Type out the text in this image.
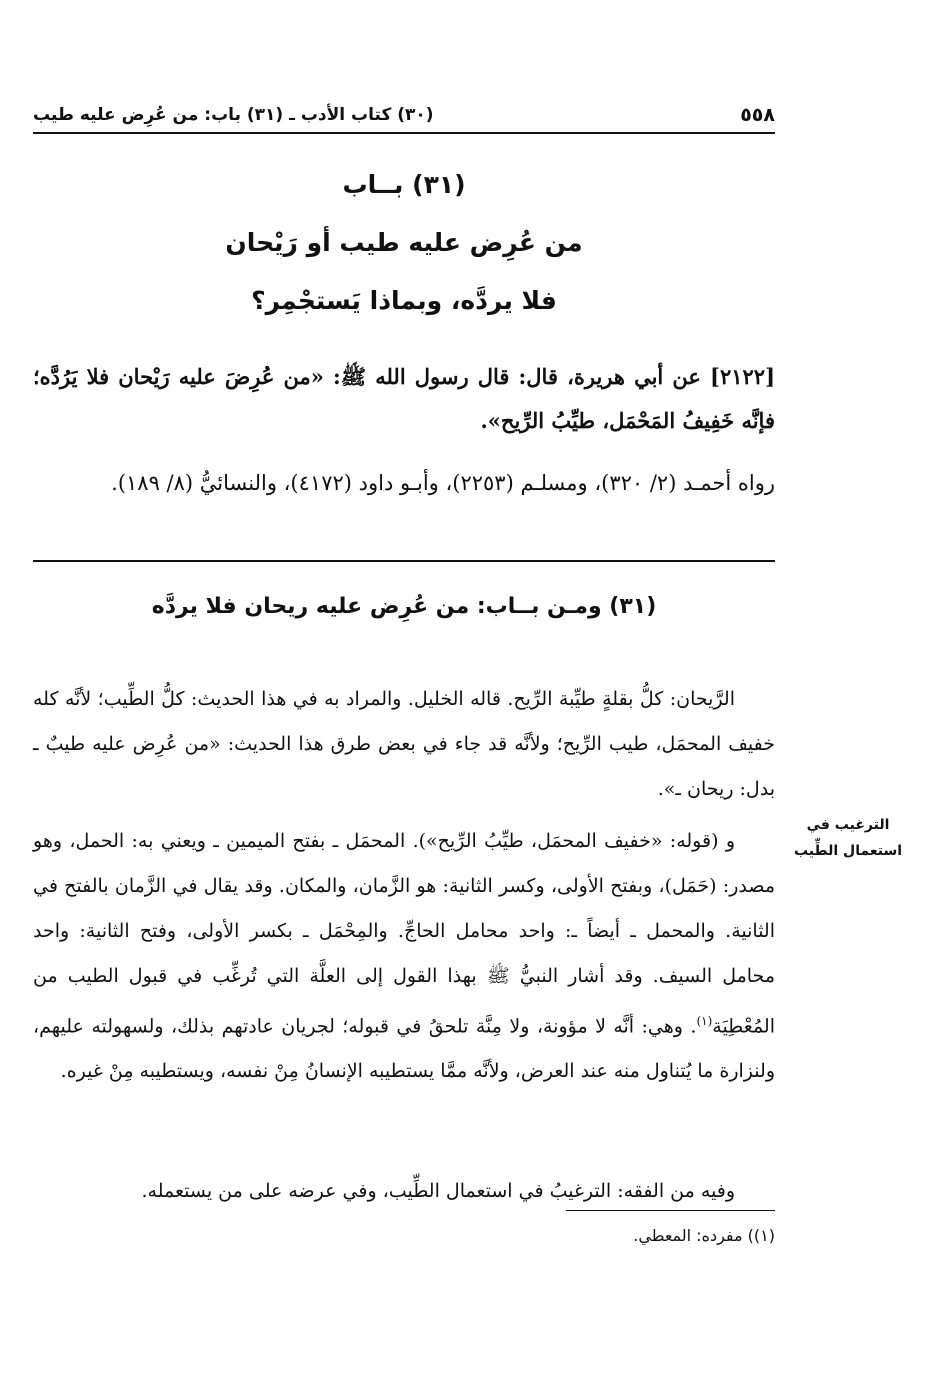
٥٥٨
(٣٠) كتاب الأدب ـ (٣١) باب: من عُرِض عليه طيب
(٣١) بــاب
من عُرِض عليه طيب أو رَيْحان
فلا يردَّه، وبماذا يَستجْمِر؟

[٢١٢٢] عن أبي هريرة، قال: قال رسول الله ﷺ: «من عُرِضَ عليه رَيْحان فلا يَرُدَّه؛ فإنَّه خَفِيفُ المَحْمَل، طيِّبُ الرِّيح».

رواه أحمـد (٢/ ٣٢٠)، ومسلـم (٢٢٥٣)، وأبـو داود (٤١٧٢)، والنسائيُّ (٨/ ١٨٩).

(٣١) ومـن بــاب: من عُرِض عليه ريحان فلا يردَّه

الرَّيحان: كلُّ بقلةٍ طيِّبة الرِّيح. قاله الخليل. والمراد به في هذا الحديث: كلُّ الطِّيب؛ لأنَّه كله خفيف المحمَل، طيب الرِّيح؛ ولأنَّه قد جاء في بعض طرق هذا الحديث: «من عُرِض عليه طيبٌ ـ بدل: ريحان ـ».

و (قوله: «خفيف المحمَل، طيِّبُ الرِّيح»). المحمَل ـ بفتح الميمين ـ ويعني به: الحمل، وهو مصدر: (حَمَل)، وبفتح الأولى، وكسر الثانية: هو الزَّمان، والمكان. وقد يقال في الزَّمان بالفتح في الثانية. والمحمل ـ أيضاً ـ: واحد محامل الحاجِّ. والمِحْمَل ـ بكسر الأولى، وفتح الثانية: واحد محامل السيف. وقد أشار النبيُّ ﷺ بهذا القول إلى العلَّة التي تُرغِّب في قبول الطيب من المُعْطِيَة$^{(١)}$. وهي: أنَّه لا مؤونة، ولا مِنَّة تلحقُ في قبوله؛ لجريان عادتهم بذلك، ولسهولته عليهم، ولنزارة ما يُتناول منه عند العرض، ولأنَّه ممَّا يستطيبه الإنسانُ مِنْ نفسه، ويستطيبه مِنْ غيره.

الترغيب في
استعمال الطِّيب

وفيه من الفقه: الترغيبُ في استعمال الطِّيب، وفي عرضه على من يستعمله.

(١)) مفرده: المعطي.
